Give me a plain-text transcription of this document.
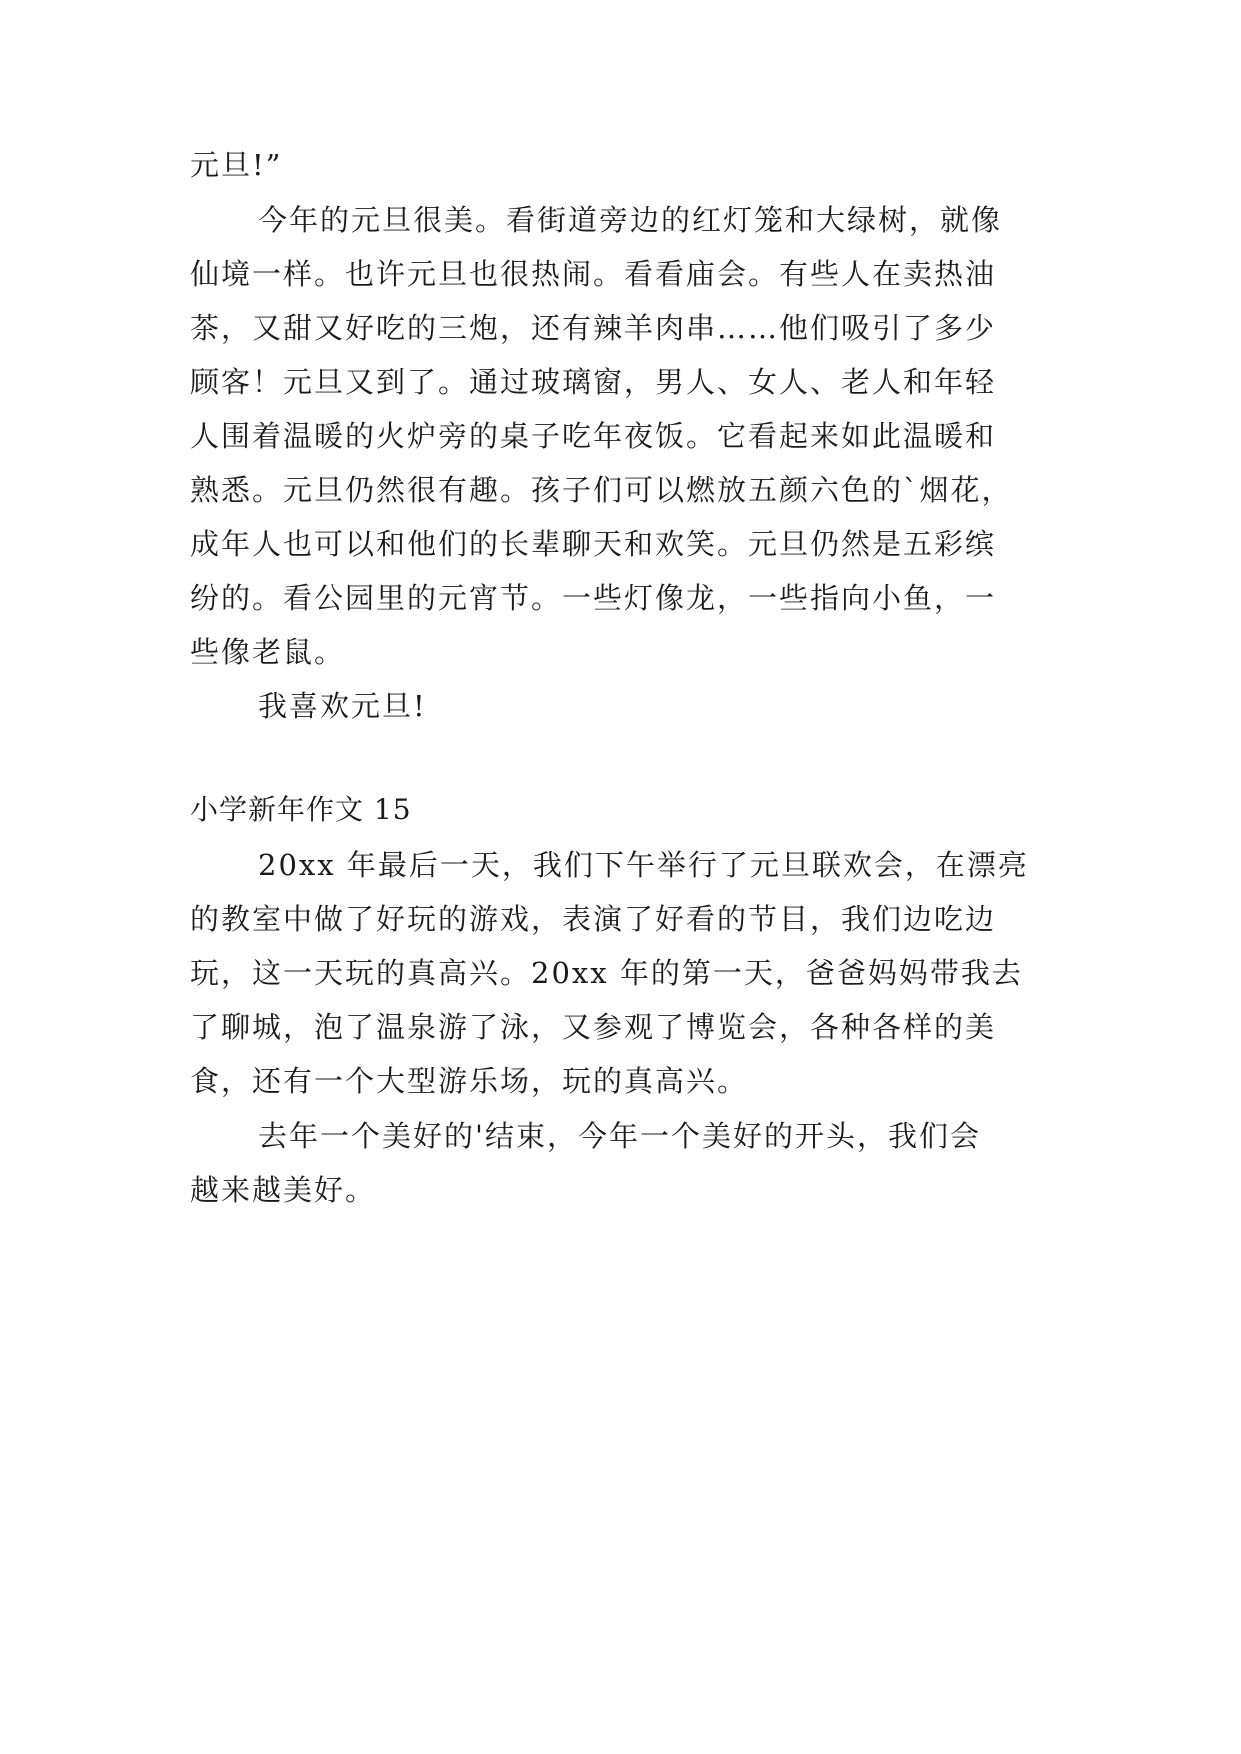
元旦!”
今年的元旦很美。看街道旁边的红灯笼和大绿树，就像
仙境一样。也许元旦也很热闹。看看庙会。有些人在卖热油
茶，又甜又好吃的三炮，还有辣羊肉串……他们吸引了多少
顾客！元旦又到了。通过玻璃窗，男人、女人、老人和年轻
人围着温暖的火炉旁的桌子吃年夜饭。它看起来如此温暖和
熟悉。元旦仍然很有趣。孩子们可以燃放五颜六色的`烟花，
成年人也可以和他们的长辈聊天和欢笑。元旦仍然是五彩缤
纷的。看公园里的元宵节。一些灯像龙，一些指向小鱼，一
些像老鼠。
我喜欢元旦!
小学新年作文 15
20xx 年最后一天，我们下午举行了元旦联欢会，在漂亮
的教室中做了好玩的游戏，表演了好看的节目，我们边吃边
玩，这一天玩的真高兴。20xx 年的第一天，爸爸妈妈带我去
了聊城，泡了温泉游了泳，又参观了博览会，各种各样的美
食，还有一个大型游乐场，玩的真高兴。
去年一个美好的'结束，今年一个美好的开头，我们会
越来越美好。
